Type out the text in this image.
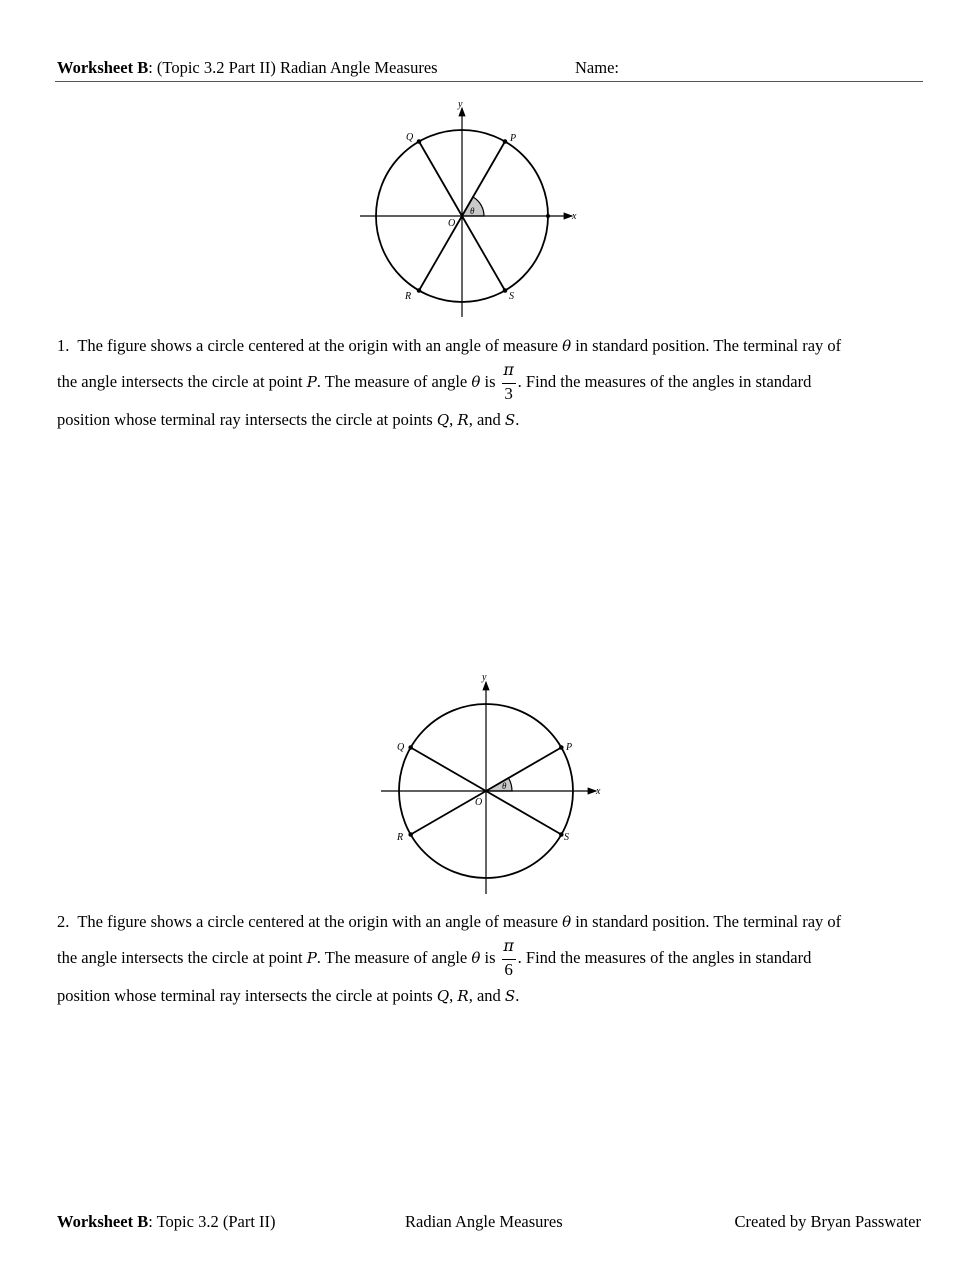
Worksheet B: (Topic 3.2 Part II) Radian Angle Measures	Name:
y
x
O
θ
P
Q
R	S
1. The figure shows a circle centered at the origin with an angle of measure θ in standard position. The terminal ray of
the angle intersects the circle at point P. The measure of angle θ is $\frac{\pi}{3}$ . Find the measures of the angles in standard
position whose terminal ray intersects the circle at points Q, R, and S.
y
x
O
θ
P
Q
R	S
2. The figure shows a circle centered at the origin with an angle of measure θ in standard position. The terminal ray of
the angle intersects the circle at point P. The measure of angle θ is $\frac{\pi}{6}$ . Find the measures of the angles in standard
position whose terminal ray intersects the circle at points Q, R, and S.
Worksheet B: Topic 3.2 (Part II)	Radian Angle Measures	Created by Bryan Passwater
